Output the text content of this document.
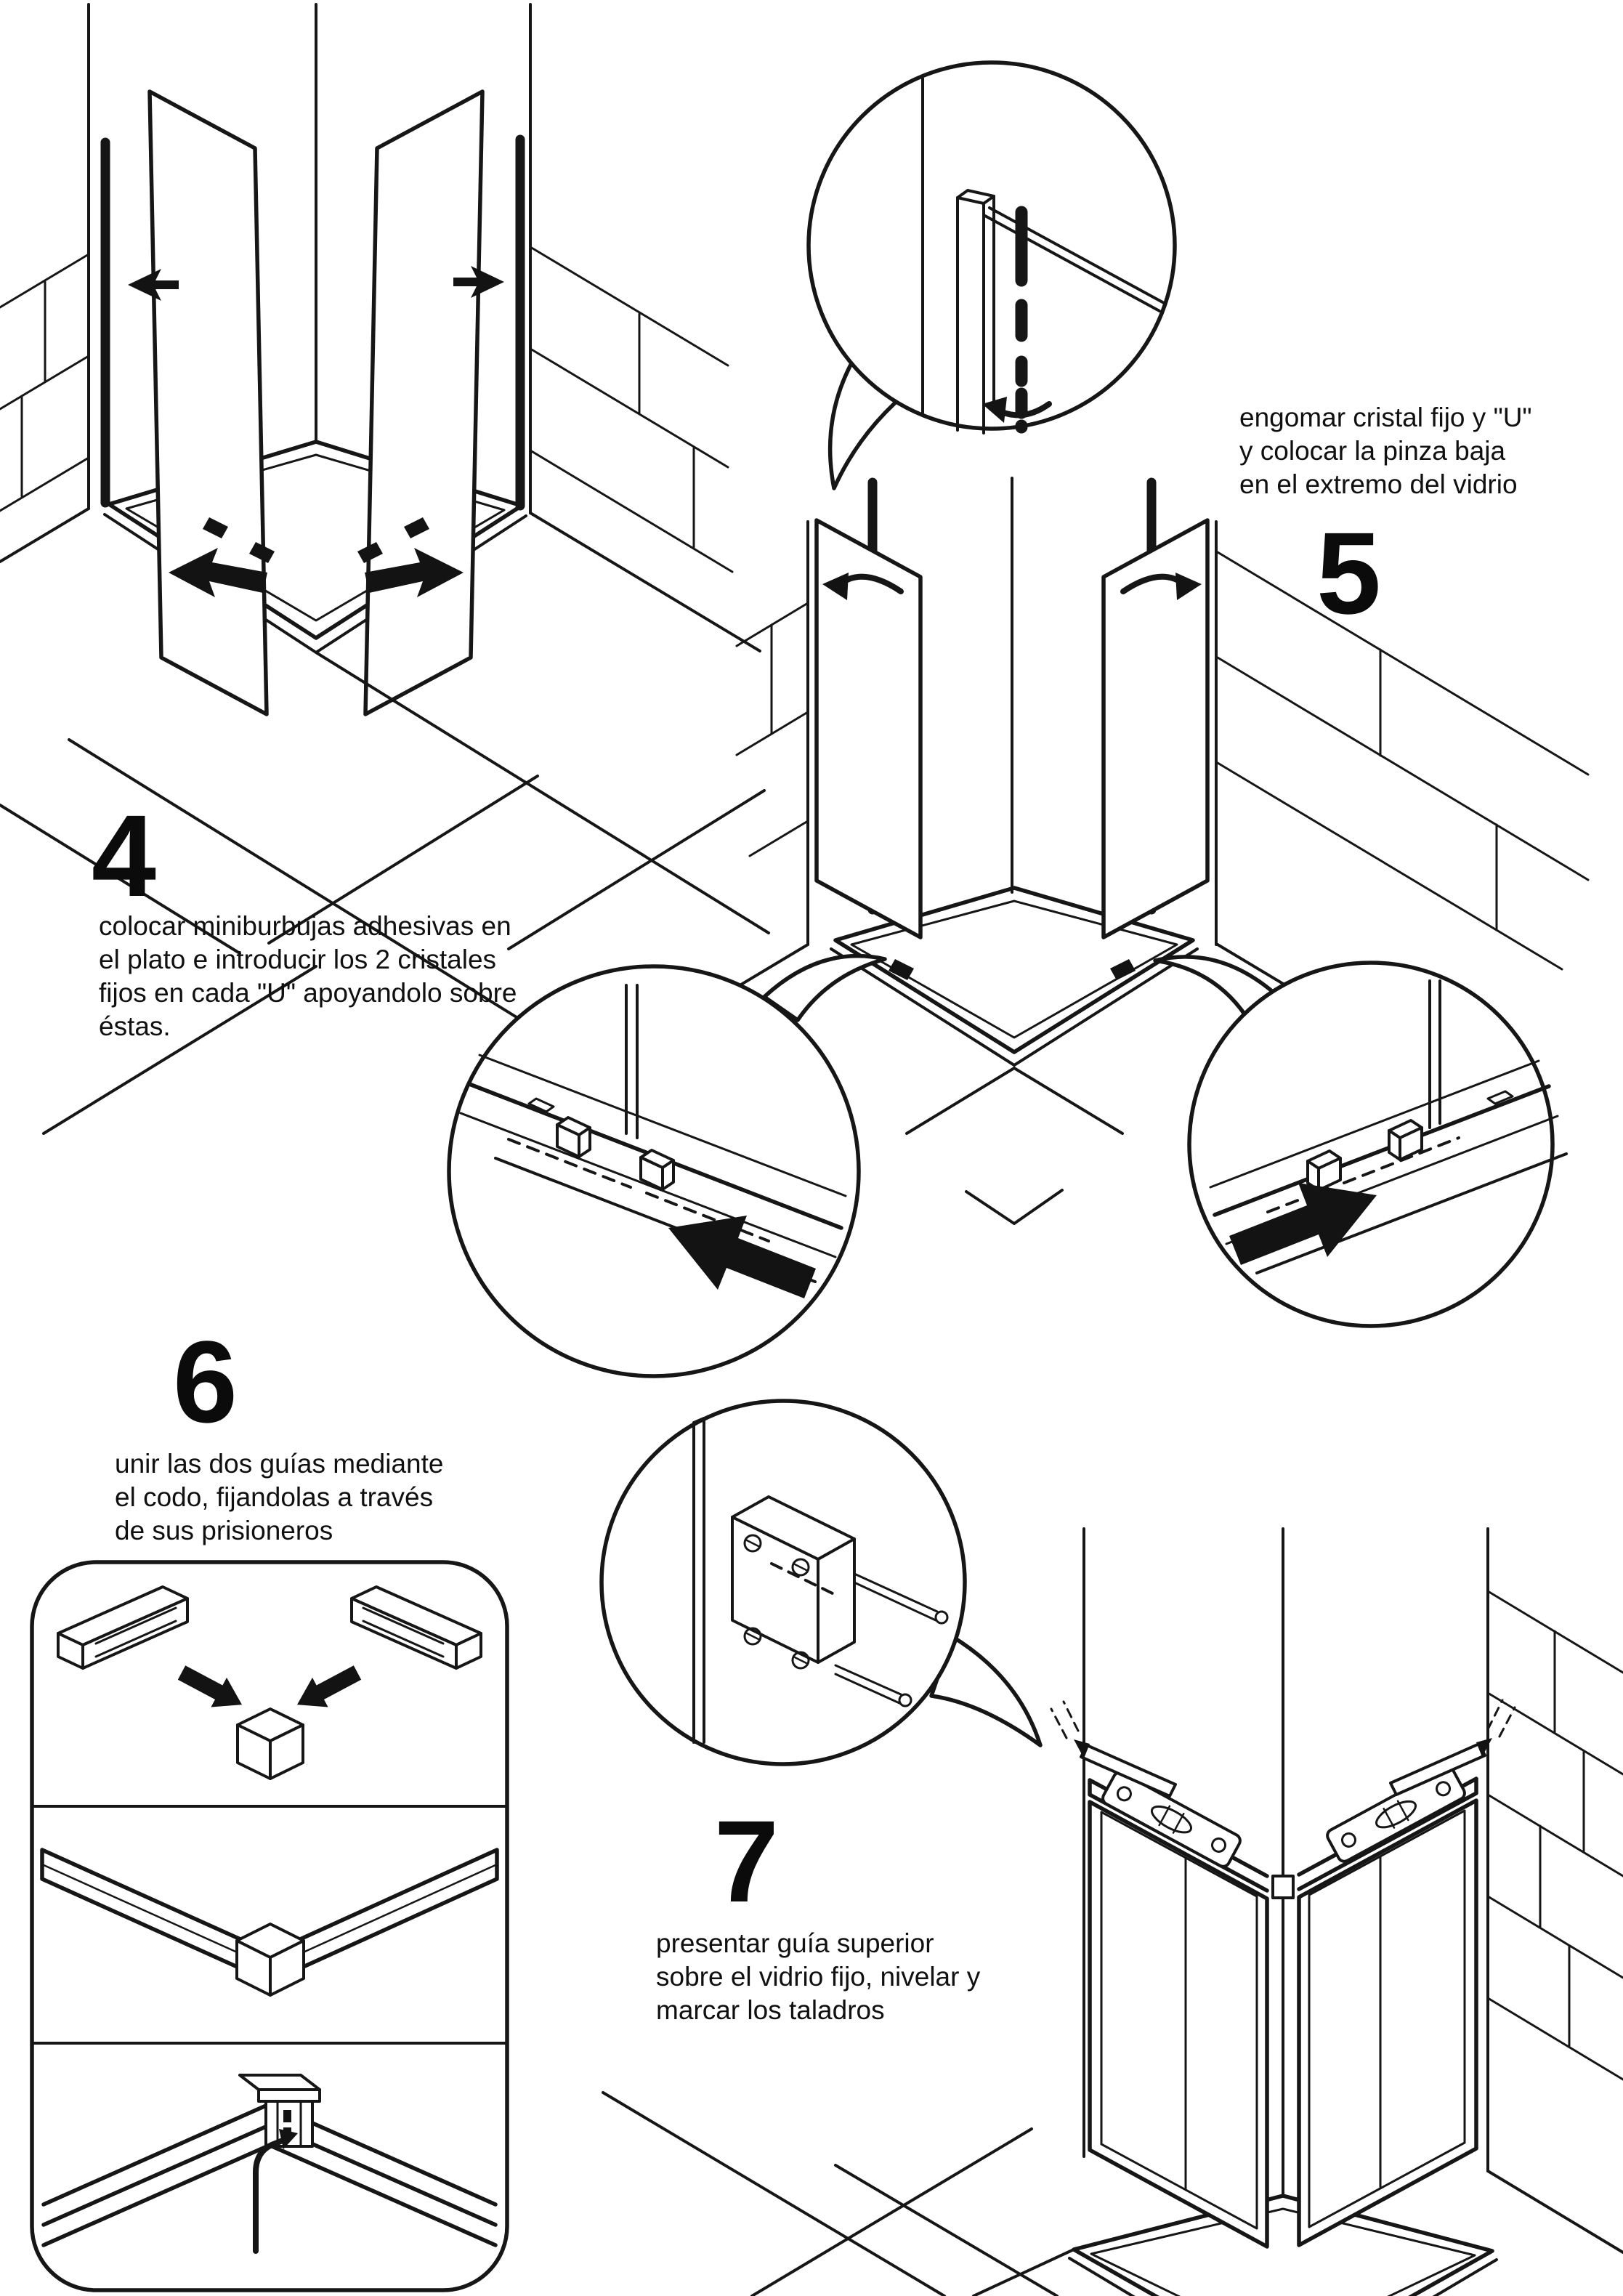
4
5
6
7
colocar miniburbujas adhesivas en
el plato e introducir los 2 cristales
fijos en cada "U" apoyandolo sobre
éstas.
engomar cristal fijo y "U"
y colocar la pinza baja
en el extremo del vidrio
unir las dos guías mediante
el codo, fijandolas a través
de sus prisioneros
presentar guía superior
sobre el vidrio fijo, nivelar y
marcar los taladros
